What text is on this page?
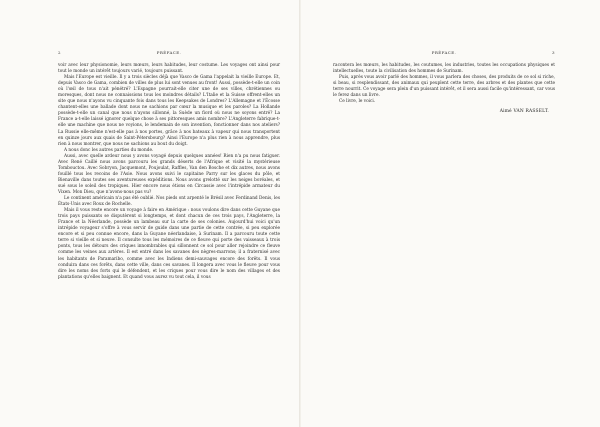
2	PRÉFACE.

voir avec leur physionomie, leurs mœurs, leurs habitudes, leur costume. Les voyages ont ainsi pour tout le monde un intérêt toujours varié, toujours puissant.

Mais l'Europe est vieille. Il y a trois siècles déjà que Vasco de Gama l'appelait la vieille Europe. Et, depuis Vasco de Gama, combien de villes de plus lui sont venues au front! Aussi, possède-t-elle un coin où l'œil de tous n'ait pénétré? L'Espagne pourrait-elle citer une de ses villes, chrétiennes ou moresques, dont nous ne connaissions tous les moindres détails? L'Italie et la Suisse offrent-elles un site que nous n'ayons vu cinquante fois dans tous les Keepsakes de Londres? L'Allemagne et l'Écosse chantent-elles une ballade dont nous ne sachions par cœur la musique et les paroles? La Hollande possède-t-elle un canal que nous n'ayons sillonné, la Suède un fiord où nous ne soyons entré? La France a-t-elle laissé ignorer quelque chose à ses pittoresques amis nombre? L'Angleterre fabrique-t-elle une machine que nous ne voyions, le lendemain de son invention, fonctionner dans nos ateliers? La Russie elle-même n'est-elle pas à nos portes, grâce à nos bateaux à vapeur qui nous transportent en quinze jours aux quais de Saint-Pétersbourg? Ainsi l'Europe n'a plus rien à nous apprendre, plus rien à nous montrer, que nous ne sachions au bout du doigt.

A nous donc les autres parties du monde.

Aussi, avec quelle ardeur nous y avons voyagé depuis quelques années! Rien n'a pu nous fatiguer. Avec René Caillé nous avons parcouru les grands déserts de l'Afrique et visité la mystérieuse Tombouctou. Avec Sobryon, Jacquemont, Poujoulat, Raffles, Van den Bosche et dix autres, nous avons fouillé tous les recoins de l'Asie. Nous avons suivi le capitaine Parry sur les glaces du pôle, et Bienaville dans toutes ses aventureuses expéditions. Nous avons grelotté sur les neiges boréales, et sué sous le soleil des tropiques. Hier encore nous étions en Circassie avec l'intrépide armateur du Vixen. Mon Dieu, que n'avons-nous pas vu?

Le continent américain n'a pas été oublié. Nos pieds ont arpenté le Brésil avec Ferdinand Denis, les États-Unis avec Roux de Rochelle.

Mais il vous reste encore un voyage à faire en Amérique : nous voulons dire dans cette Guyane que trois pays puissants se disputèrent si longtemps, et dont chacun de ces trois pays, l'Angleterre, la France et la Néerlande, possède un lambeau sur la carte de ses colonies. Aujourd'hui voici qu'un intrépide voyageur s'offre à vous servir de guide dans une partie de cette contrée, si peu explorée encore et si peu connue encore, dans la Guyane néerlandaise, à Surinam. Il a parcouru toute cette terre si vieille et si neuve. Il consulte tous les mémoires de ce fleuve qui porte des vaisseaux à trois ponts, tous les détours des criques innombrables qui sillonnent ce sol pour aller rejoindre ce fleuve comme les veines aux artères. Il est entré dans les savanes des nègres-marrons; il a fraternisé avec les habitants de Paramaribo, comme avec les Indiens demi-sauvages encore des forêts. Il vous conduira dans ces forêts, dans cette ville, dans ces savanes. Il longera avec vous le fleuve pour vous dire les noms des forts qui le défendent, et les criques pour vous dire le nom des villages et des plantations qu'elles baignent. Et quand vous aurez vu tout cela, il vous

PRÉFACE.	3

racontera les mœurs, les habitudes, les coutumes, les industries, toutes les occupations physiques et intellectuelles, toute la civilisation des hommes de Surinam.

Puis, après vous avoir parlé des hommes, il vous parlera des choses, des produits de ce sol si riche, si beau, si resplendissant, des animaux qui peuplent cette terre, des arbres et des plantes que cette terre nourrit. Ce voyage sera plein d'un puissant intérêt, et il sera aussi facile qu'intéressant, car vous le ferez dans un livre.

Ce livre, le voici.

Aimé VAN RASSELT.
